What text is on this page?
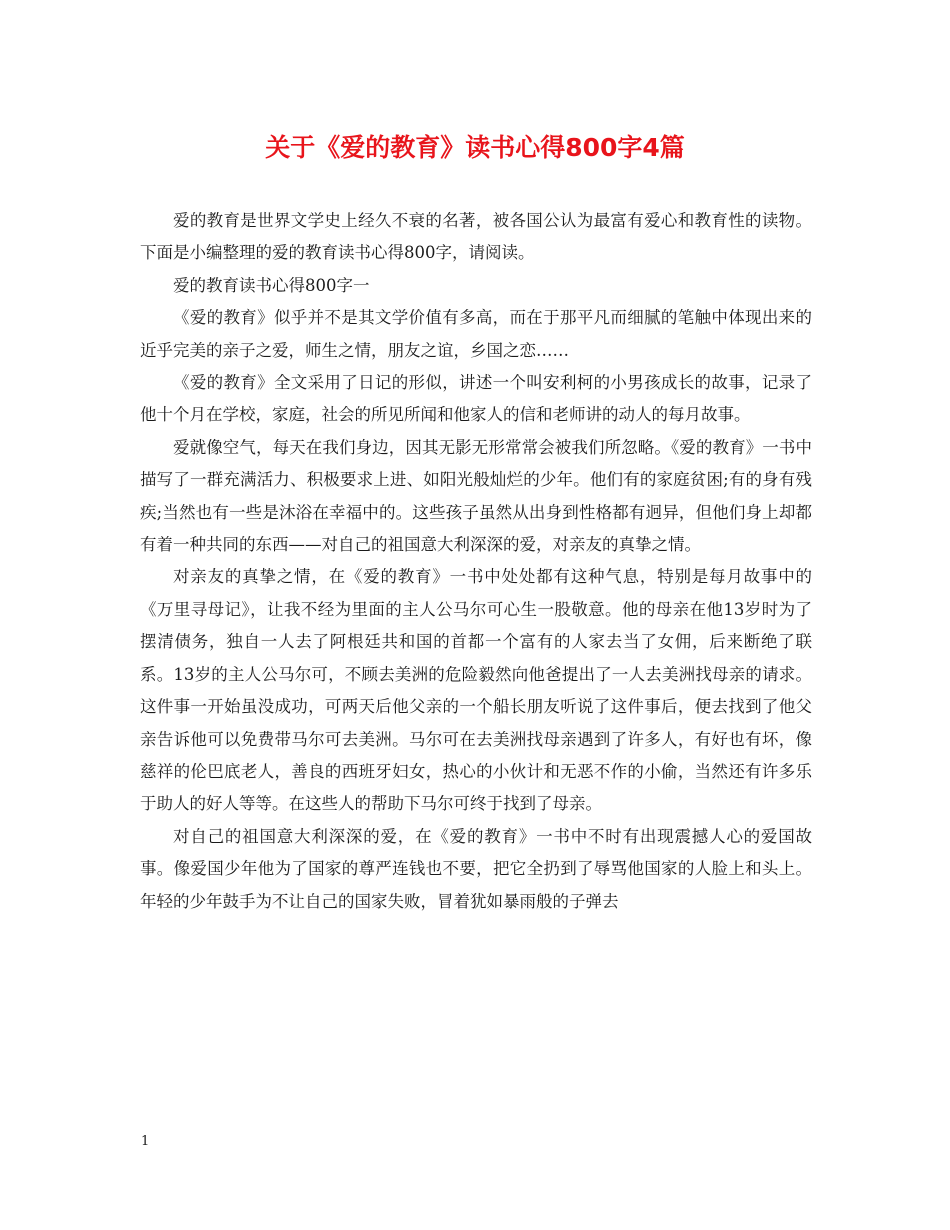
关于《爱的教育》读书心得800字4篇

爱的教育是世界文学史上经久不衰的名著，被各国公认为最富有爱心和教育性的读物。下面是小编整理的爱的教育读书心得800字，请阅读。

爱的教育读书心得800字一

《爱的教育》似乎并不是其文学价值有多高，而在于那平凡而细腻的笔触中体现出来的近乎完美的亲子之爱，师生之情，朋友之谊，乡国之恋……

《爱的教育》全文采用了日记的形似，讲述一个叫安利柯的小男孩成长的故事，记录了他十个月在学校，家庭，社会的所见所闻和他家人的信和老师讲的动人的每月故事。

爱就像空气，每天在我们身边，因其无影无形常常会被我们所忽略。《爱的教育》一书中描写了一群充满活力、积极要求上进、如阳光般灿烂的少年。他们有的家庭贫困;有的身有残疾;当然也有一些是沐浴在幸福中的。这些孩子虽然从出身到性格都有迥异，但他们身上却都有着一种共同的东西——对自己的祖国意大利深深的爱，对亲友的真挚之情。

对亲友的真挚之情，在《爱的教育》一书中处处都有这种气息，特别是每月故事中的《万里寻母记》，让我不经为里面的主人公马尔可心生一股敬意。他的母亲在他13岁时为了摆清债务，独自一人去了阿根廷共和国的首都一个富有的人家去当了女佣，后来断绝了联系。13岁的主人公马尔可，不顾去美洲的危险毅然向他爸提出了一人去美洲找母亲的请求。这件事一开始虽没成功，可两天后他父亲的一个船长朋友听说了这件事后，便去找到了他父亲告诉他可以免费带马尔可去美洲。马尔可在去美洲找母亲遇到了许多人，有好也有坏，像慈祥的伦巴底老人，善良的西班牙妇女，热心的小伙计和无恶不作的小偷，当然还有许多乐于助人的好人等等。在这些人的帮助下马尔可终于找到了母亲。

对自己的祖国意大利深深的爱，在《爱的教育》一书中不时有出现震撼人心的爱国故事。像爱国少年他为了国家的尊严连钱也不要，把它全扔到了辱骂他国家的人脸上和头上。年轻的少年鼓手为不让自己的国家失败，冒着犹如暴雨般的子弹去

1
